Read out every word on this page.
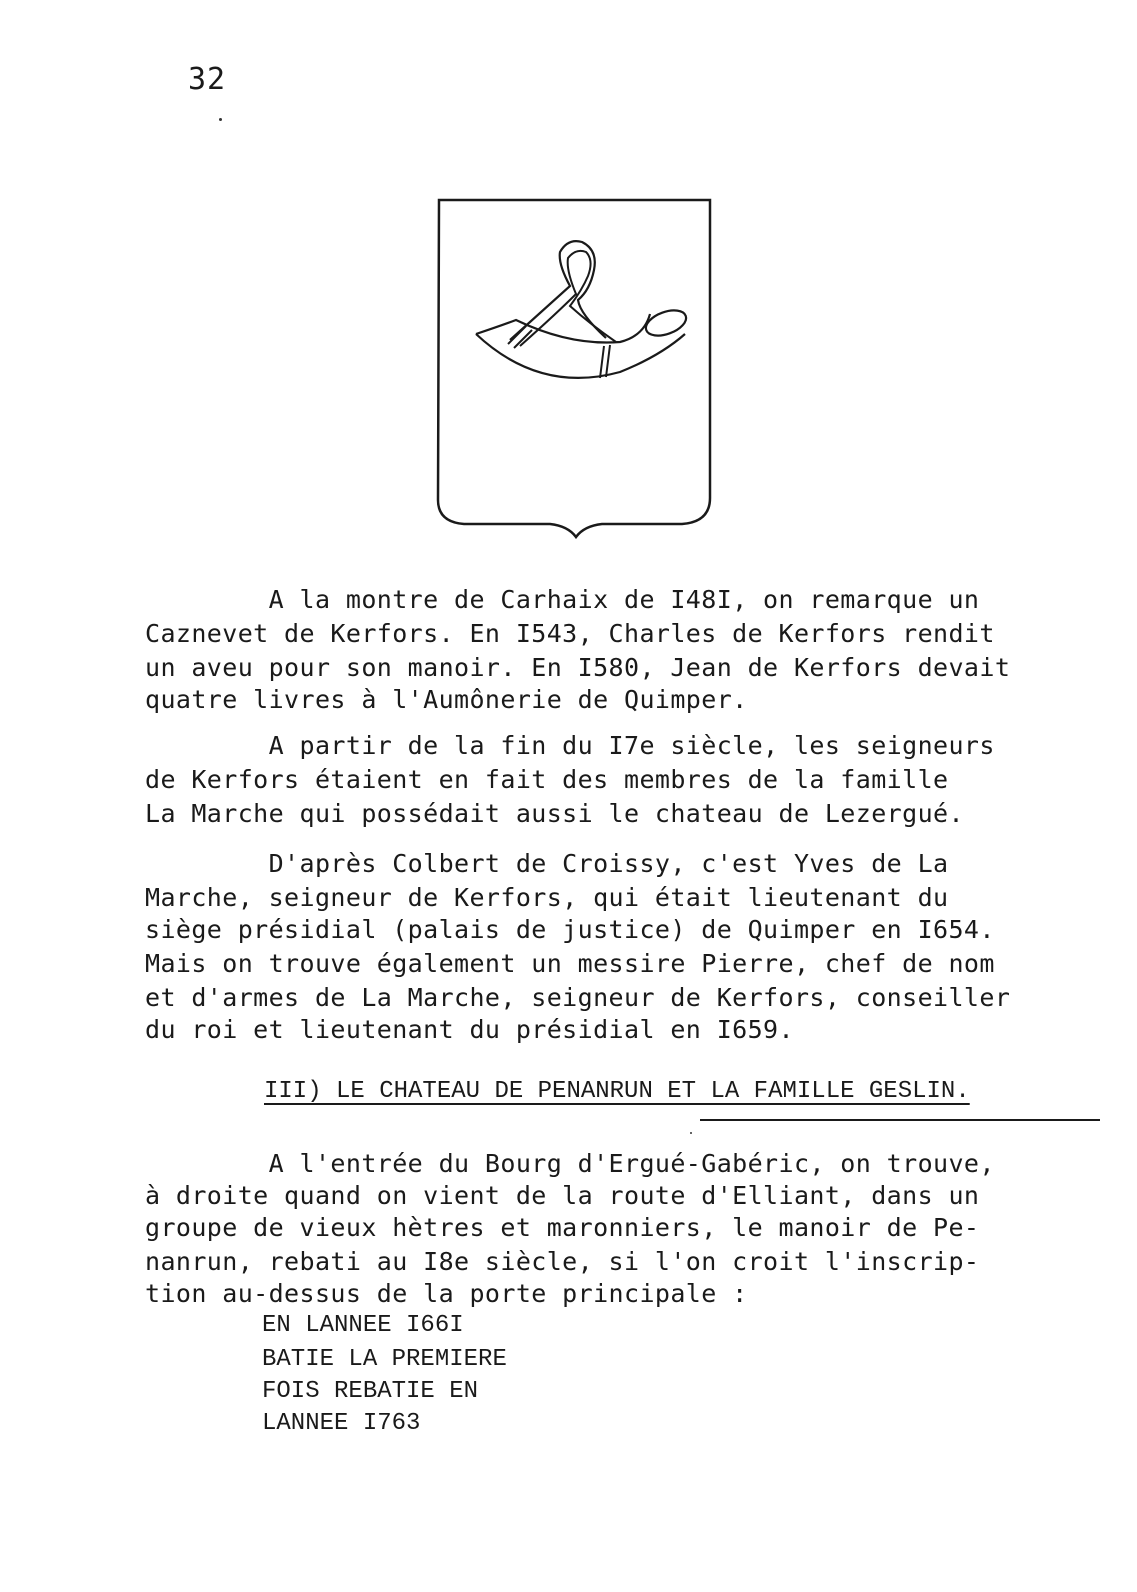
32
A la montre de Carhaix de I48I, on remarque un
Caznevet de Kerfors. En I543, Charles de Kerfors rendit
un aveu pour son manoir. En I580, Jean de Kerfors devait
quatre livres à l'Aumônerie de Quimper.
A partir de la fin du I7e siècle, les seigneurs
de Kerfors étaient en fait des membres de la famille
La Marche qui possédait aussi le chateau de Lezergué.
D'après Colbert de Croissy, c'est Yves de La
Marche, seigneur de Kerfors, qui était lieutenant du
siège présidial (palais de justice) de Quimper en I654.
Mais on trouve également un messire Pierre, chef de nom
et d'armes de La Marche, seigneur de Kerfors, conseiller
du roi et lieutenant du présidial en I659.
III) LE CHATEAU DE PENANRUN ET LA FAMILLE GESLIN.
A l'entrée du Bourg d'Ergué-Gabéric, on trouve,
à droite quand on vient de la route d'Elliant, dans un
groupe de vieux hètres et maronniers, le manoir de Pe-
nanrun, rebati au I8e siècle, si l'on croit l'inscrip-
tion au-dessus de la porte principale :
EN LANNEE I66I
BATIE LA PREMIERE
FOIS REBATIE EN
LANNEE I763
